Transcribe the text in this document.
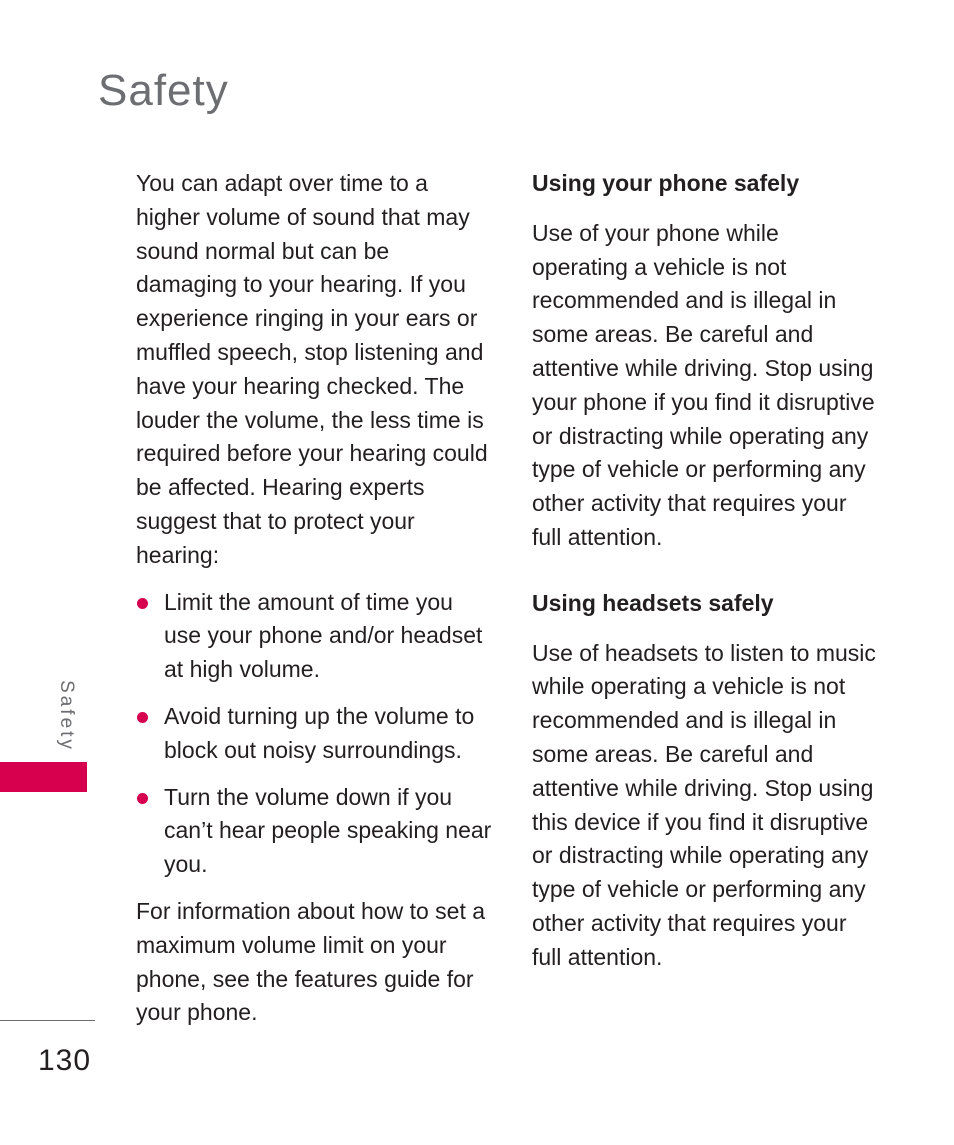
Safety

You can adapt over time to a higher volume of sound that may sound normal but can be damaging to your hearing. If you experience ringing in your ears or muffled speech, stop listening and have your hearing checked. The louder the volume, the less time is required before your hearing could be affected. Hearing experts suggest that to protect your hearing:

Limit the amount of time you use your phone and/or headset at high volume.
Avoid turning up the volume to block out noisy surroundings.
Turn the volume down if you can’t hear people speaking near you.

For information about how to set a maximum volume limit on your phone, see the features guide for your phone.

Using your phone safely

Use of your phone while operating a vehicle is not recommended and is illegal in some areas. Be careful and attentive while driving. Stop using your phone if you find it disruptive or distracting while operating any type of vehicle or performing any other activity that requires your full attention.

Using headsets safely

Use of headsets to listen to music while operating a vehicle is not recommended and is illegal in some areas. Be careful and attentive while driving. Stop using this device if you find it disruptive or distracting while operating any type of vehicle or performing any other activity that requires your full attention.

Safety
130
